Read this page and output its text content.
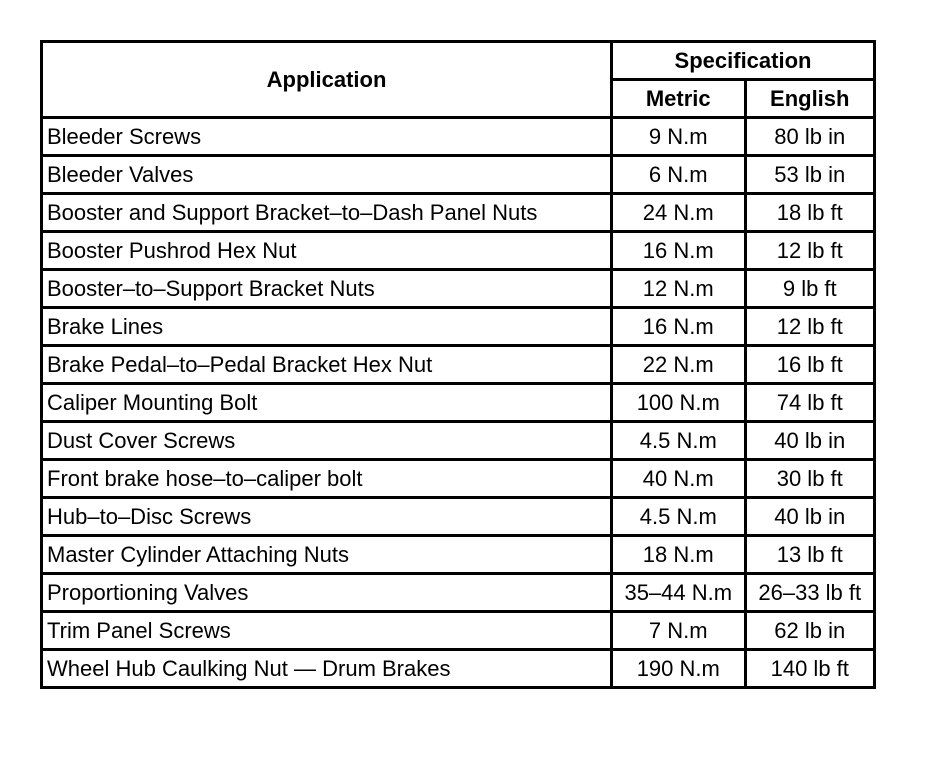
Application	Specification	
	Metric	English
Bleeder Screws	9 N.m	80 lb in
Bleeder Valves	6 N.m	53 lb in
Booster and Support Bracket–to–Dash Panel Nuts	24 N.m	18 lb ft
Booster Pushrod Hex Nut	16 N.m	12 lb ft
Booster–to–Support Bracket Nuts	12 N.m	9 lb ft
Brake Lines	16 N.m	12 lb ft
Brake Pedal–to–Pedal Bracket Hex Nut	22 N.m	16 lb ft
Caliper Mounting Bolt	100 N.m	74 lb ft
Dust Cover Screws	4.5 N.m	40 lb in
Front brake hose–to–caliper bolt	40 N.m	30 lb ft
Hub–to–Disc Screws	4.5 N.m	40 lb in
Master Cylinder Attaching Nuts	18 N.m	13 lb ft
Proportioning Valves	35–44 N.m	26–33 lb ft
Trim Panel Screws	7 N.m	62 lb in
Wheel Hub Caulking Nut — Drum Brakes	190 N.m	140 lb ft
